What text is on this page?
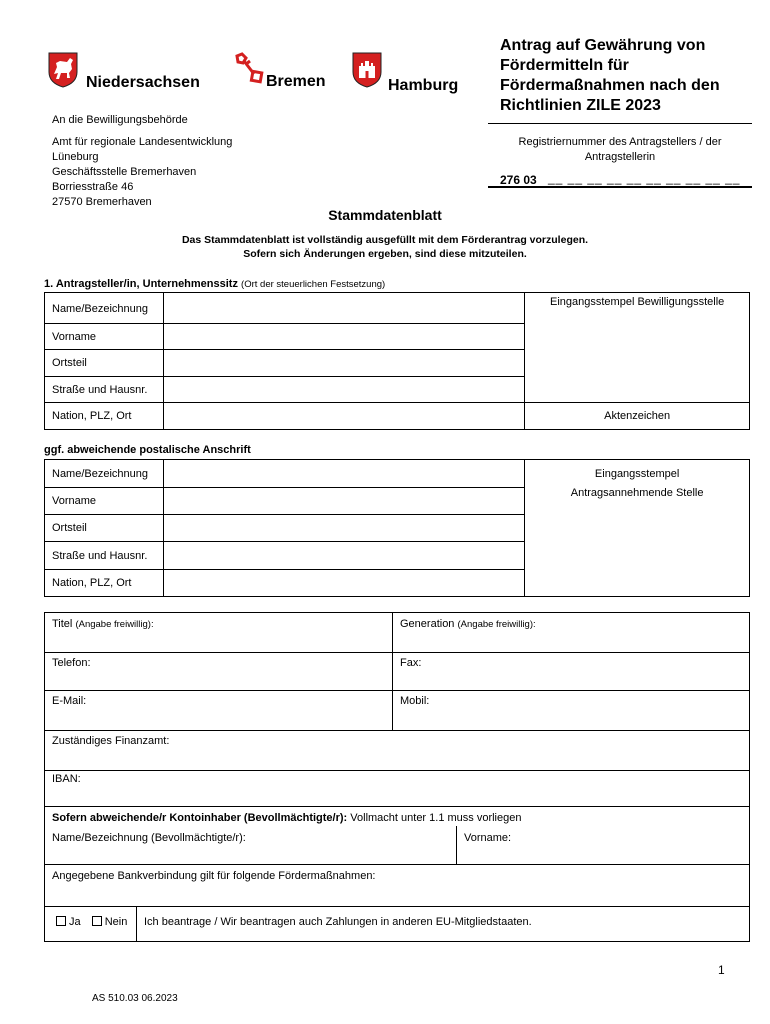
Niedersachsen	Bremen	Hamburg
Antrag auf Gewährung von Fördermitteln für Fördermaßnahmen nach den Richtlinien ZILE 2023
An die Bewilligungsbehörde
Amt für regionale Landesentwicklung
Lüneburg
Geschäftsstelle Bremerhaven
Borriesstraße 46
27570 Bremerhaven
Registriernummer des Antragstellers / der Antragstellerin
276 03 __ __ __ __ __ __ __ __ __ __
Stammdatenblatt
Das Stammdatenblatt ist vollständig ausgefüllt mit dem Förderantrag vorzulegen.
Sofern sich Änderungen ergeben, sind diese mitzuteilen.
1. Antragsteller/in, Unternehmenssitz (Ort der steuerlichen Festsetzung)
Name/Bezeichnung		Eingangsstempel Bewilligungsstelle

Vorname		
Ortsteil		
Straße und Hausnr.		
Nation, PLZ, Ort		Aktenzeichen
ggf. abweichende postalische Anschrift
Name/Bezeichnung		Eingangsstempel
Antragsannehmende Stelle

Vorname		
Ortsteil		
Straße und Hausnr.		
Nation, PLZ, Ort		
Titel (Angabe freiwillig):	Generation (Angabe freiwillig):
Telefon:	Fax:
E-Mail:	Mobil:
Zuständiges Finanzamt:
IBAN:
Sofern abweichende/r Kontoinhaber (Bevollmächtigte/r): Vollmacht unter 1.1 muss vorliegen
Name/Bezeichnung (Bevollmächtigte/r):	Vorname:
Angegebene Bankverbindung gilt für folgende Fördermaßnahmen:
Ja Nein Ich beantrage / Wir beantragen auch Zahlungen in anderen EU-Mitgliedstaaten.
1
AS 510.03 06.2023
